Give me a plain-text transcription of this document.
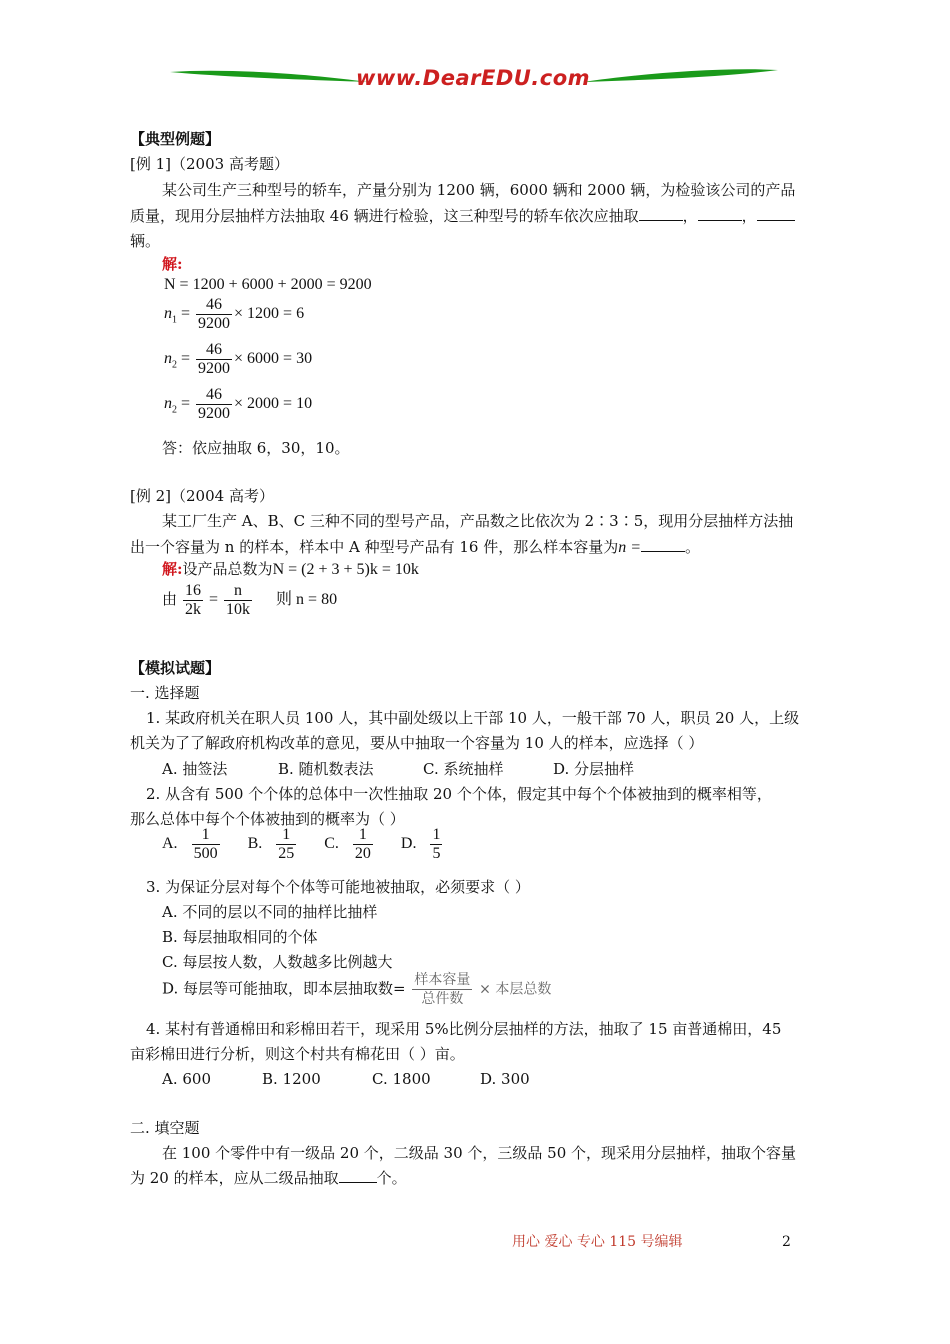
www.DearEDU.com
【典型例题】
[例 1]（2003 高考题）
某公司生产三种型号的轿车，产量分别为 1200 辆，6000 辆和 2000 辆，为检验该公司的产品
质量，现用分层抽样方法抽取 46 辆进行检验，这三种型号的轿车依次应抽取	，	，
辆。
解:
N = 1200 + 6000 + 2000 = 9200
$n_1 = \frac{46}{9200} \times 1200 = 6$
$n_2 = \frac{46}{9200} \times 6000 = 30$
$n_2 = \frac{46}{9200} \times 2000 = 10$
答：依应抽取 6，30，10。
[例 2]（2004 高考）
某工厂生产 A、B、C 三种不同的型号产品，产品数之比依次为 2∶3∶5，现用分层抽样方法抽
出一个容量为 n 的样本，样本中 A 种型号产品有 16 件，那么样本容量为n =	。
解:设产品总数为N = (2 + 3 + 5)k = 10k
由 $\frac{16}{2k} = \frac{n}{10k}$ 则 n = 80
【模拟试题】
一. 选择题
1. 某政府机关在职人员 100 人，其中副处级以上干部 10 人，一般干部 70 人，职员 20 人，上级
机关为了了解政府机构改革的意见，要从中抽取一个容量为 10 人的样本，应选择（ ）
A. 抽签法	B. 随机数表法	C. 系统抽样	D. 分层抽样
2. 从含有 500 个个体的总体中一次性抽取 20 个个体，假定其中每个个体被抽到的概率相等，
那么总体中每个个体被抽到的概率为（ ）
A. $\frac{1}{500} B$. $\frac{1}{25} C$. $\frac{1}{20} D$. $\frac{1}{5}$
3. 为保证分层对每个个体等可能地被抽取，必须要求（ ）
A. 不同的层以不同的抽样比抽样
B. 每层抽取相同的个体
C. 每层按人数，人数越多比例越大
D. 每层等可能抽取，即本层抽取数= $\frac{\text{样本容量}}{\text{总件数}}$ × 本层总数
4. 某村有普通棉田和彩棉田若干，现采用 5%比例分层抽样的方法，抽取了 15 亩普通棉田，45
亩彩棉田进行分析，则这个村共有棉花田（ ）亩。
A. 600	B. 1200	C. 1800	D. 300
二. 填空题
在 100 个零件中有一级品 20 个，二级品 30 个，三级品 50 个，现采用分层抽样，抽取个容量
为 20 的样本，应从二级品抽取	个。
用心 爱心 专心 115 号编辑	2
